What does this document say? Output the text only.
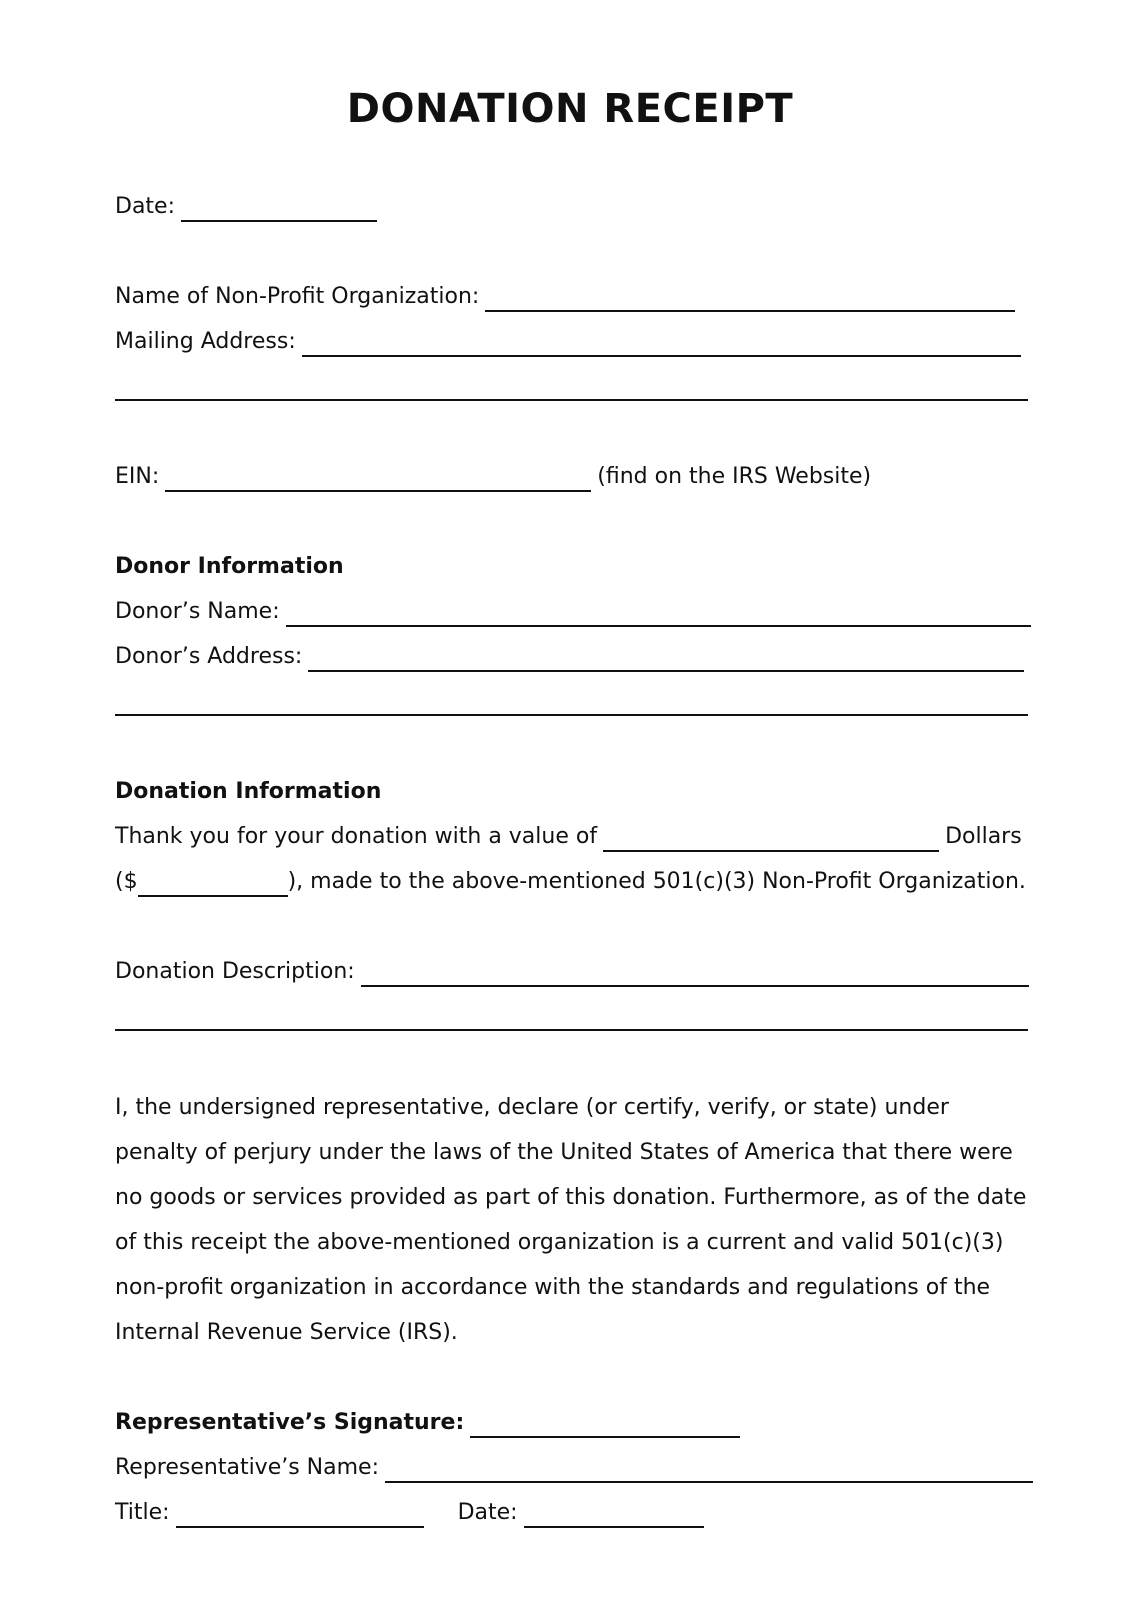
DONATION RECEIPT
Date:
Name of Non-Profit Organization:
Mailing Address:
EIN:	(find on the IRS Website)
Donor Information
Donor’s Name:
Donor’s Address:
Donation Information
Thank you for your donation with a value of	Dollars
($	), made to the above-mentioned 501(c)(3) Non-Profit Organization.
Donation Description:

I, the undersigned representative, declare (or certify, verify, or state) under

penalty of perjury under the laws of the United States of America that there were

no goods or services provided as part of this donation. Furthermore, as of the date

of this receipt the above-mentioned organization is a current and valid 501(c)(3)

non-profit organization in accordance with the standards and regulations of the

Internal Revenue Service (IRS).

Representative’s Signature:
Representative’s Name:
Title:	Date:
